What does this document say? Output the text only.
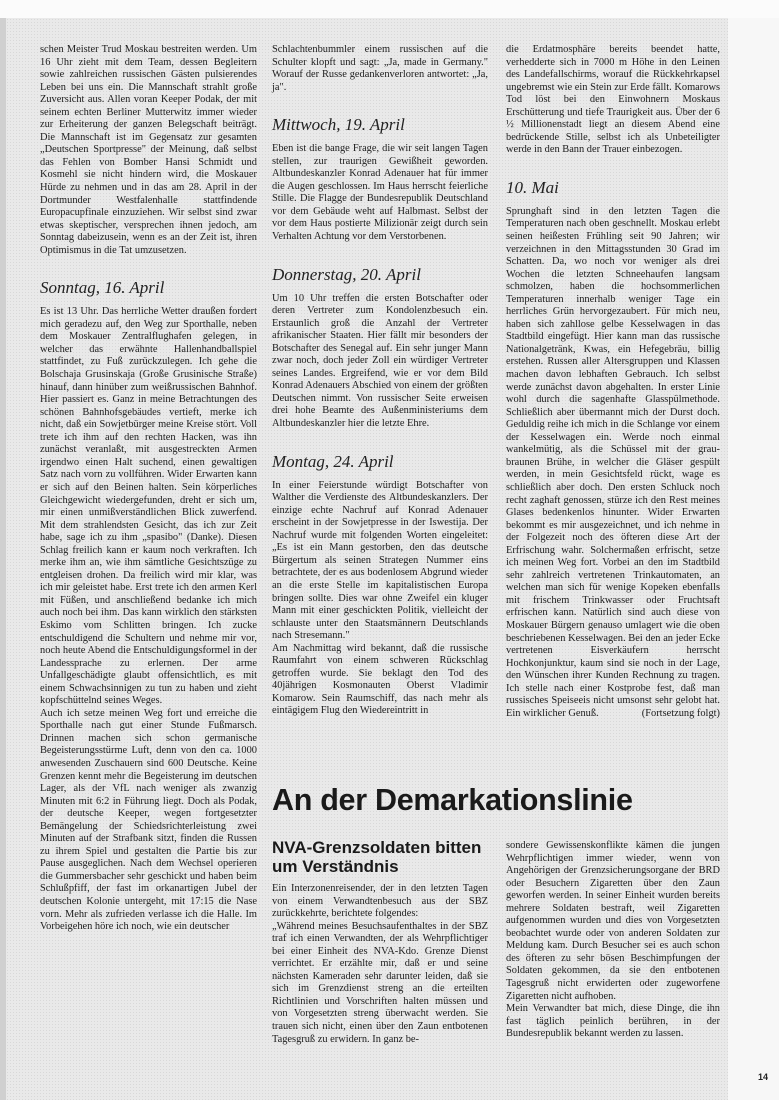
schen Meister Trud Moskau bestreiten werden. Um 16 Uhr zieht mit dem Team, dessen Begleitern sowie zahlreichen russischen Gästen pulsierendes Leben bei uns ein. Die Mannschaft strahlt große Zuversicht aus. Allen voran Keeper Podak, der mit seinem echten Berliner Mutterwitz immer wieder zur Erheiterung der ganzen Belegschaft beiträgt. Die Mannschaft ist im Gegensatz zur gesamten „Deutschen Sportpresse" der Meinung, daß selbst das Fehlen von Bomber Hansi Schmidt und Kosmehl sie nicht hindern wird, die Moskauer Hürde zu nehmen und in das am 28. April in der Dortmunder Westfalenhalle stattfindende Europacupfinale einzuziehen. Wir selbst sind zwar etwas skeptischer, versprechen ihnen jedoch, am Sonntag dabeizusein, wenn es an der Zeit ist, ihren Optimismus in die Tat umzusetzen.

Sonntag, 16. April

Es ist 13 Uhr. Das herrliche Wetter draußen fordert mich geradezu auf, den Weg zur Sporthalle, neben dem Moskauer Zentralflughafen gelegen, in welcher das erwähnte Hallenhandballspiel stattfindet, zu Fuß zurückzulegen. Ich gehe die Bolschaja Grusinskaja (Große Grusinische Straße) hinauf, dann hinüber zum weißrussischen Bahnhof. Hier passiert es. Ganz in meine Betrachtungen des schönen Bahnhofsgebäudes vertieft, merke ich nicht, daß ein Sowjetbürger meine Kreise stört. Voll trete ich ihm auf den rechten Hacken, was ihn zunächst veranlaßt, mit ausgestreckten Armen irgendwo einen Halt suchend, einen gewaltigen Satz nach vorn zu vollführen. Wider Erwarten kann er sich auf den Beinen halten. Sein körperliches Gleichgewicht wiedergefunden, dreht er sich um, mir einen unmißverständlichen Blick zuwerfend. Mit dem strahlendsten Gesicht, das ich zur Zeit habe, sage ich zu ihm „spasibo" (Danke). Diesen Schlag freilich kann er kaum noch verkraften. Ich merke ihm an, wie ihm sämtliche Gesichtszüge zu entgleisen drohen. Da freilich wird mir klar, was ich mir geleistet habe. Erst trete ich den armen Kerl mit Füßen, und anschließend bedanke ich mich auch noch bei ihm. Das kann wirklich den stärksten Eskimo vom Schlitten bringen. Ich zucke entschuldigend die Schultern und nehme mir vor, noch heute Abend die Entschuldigungsformel in der Landessprache zu erlernen. Der arme Unfallgeschädigte glaubt offensichtlich, es mit einem Schwachsinnigen zu tun zu haben und zieht kopfschüttelnd seines Weges.

Auch ich setze meinen Weg fort und erreiche die Sporthalle nach gut einer Stunde Fußmarsch. Drinnen machen sich schon germanische Begeisterungsstürme Luft, denn von den ca. 1000 anwesenden Zuschauern sind 600 Deutsche. Keine Grenzen kennt mehr die Begeisterung im deutschen Lager, als der VfL nach weniger als zwanzig Minuten mit 6:2 in Führung liegt. Doch als Podak, der deutsche Keeper, wegen fortgesetzter Bemängelung der Schiedsrichterleistung zwei Minuten auf der Strafbank sitzt, finden die Russen zu ihrem Spiel und gestalten die Partie bis zur Pause ausgeglichen. Nach dem Wechsel operieren die Gummersbacher sehr geschickt und haben beim Schlußpfiff, der fast im orkanartigen Jubel der deutschen Kolonie untergeht, mit 17:15 die Nase vorn. Mehr als zufrieden verlasse ich die Halle. Im Vorbeigehen höre ich noch, wie ein deutscher

Schlachtenbummler einem russischen auf die Schulter klopft und sagt: „Ja, made in Germany." Worauf der Russe gedankenverloren antwortet: „Ja, ja".

Mittwoch, 19. April

Eben ist die bange Frage, die wir seit langen Tagen stellen, zur traurigen Gewißheit geworden. Altbundeskanzler Konrad Adenauer hat für immer die Augen geschlossen. Im Haus herrscht feierliche Stille. Die Flagge der Bundesrepublik Deutschland vor dem Gebäude weht auf Halbmast. Selbst der vor dem Haus postierte Milizionär zeigt durch sein Verhalten Achtung vor dem Verstorbenen.

Donnerstag, 20. April

Um 10 Uhr treffen die ersten Botschafter oder deren Vertreter zum Kondolenzbesuch ein. Erstaunlich groß die Anzahl der Vertreter afrikanischer Staaten. Hier fällt mir besonders der Botschafter des Senegal auf. Ein sehr junger Mann zwar noch, doch jeder Zoll ein würdiger Vertreter seines Landes. Ergreifend, wie er vor dem Bild Konrad Adenauers Abschied von einem der größten Deutschen nimmt. Von russischer Seite erweisen drei hohe Beamte des Außenministeriums dem Altbundeskanzler hier die letzte Ehre.

Montag, 24. April

In einer Feierstunde würdigt Botschafter von Walther die Verdienste des Altbundeskanzlers. Der einzige echte Nachruf auf Konrad Adenauer erscheint in der Sowjetpresse in der Iswestija. Der Nachruf wurde mit folgenden Worten eingeleitet: „Es ist ein Mann gestorben, den das deutsche Bürgertum als seinen Strategen Nummer eins betrachtete, der es aus bodenlosem Abgrund wieder an die erste Stelle im kapitalistischen Europa bringen sollte. Dies war ohne Zweifel ein kluger Mann mit einer geschickten Politik, vielleicht der schlauste unter den Staatsmännern Deutschlands nach Stresemann."

Am Nachmittag wird bekannt, daß die russische Raumfahrt von einem schweren Rückschlag getroffen wurde. Sie beklagt den Tod des 40jährigen Kosmonauten Oberst Vladimir Komarow. Sein Raumschiff, das nach mehr als eintägigem Flug den Wiedereintritt in

die Erdatmosphäre bereits beendet hatte, verhedderte sich in 7000 m Höhe in den Leinen des Landefallschirms, worauf die Rückkehrkapsel ungebremst wie ein Stein zur Erde fällt. Komarows Tod löst bei den Einwohnern Moskaus Erschütterung und tiefe Traurigkeit aus. Über der 6 ½ Millionenstadt liegt an diesem Abend eine bedrückende Stille, selbst ich als Unbeteiligter werde in den Bann der Trauer einbezogen.

10. Mai

Sprunghaft sind in den letzten Tagen die Temperaturen nach oben geschnellt. Moskau erlebt seinen heißesten Frühling seit 90 Jahren; wir verzeichnen in den Mittagsstunden 30 Grad im Schatten. Da, wo noch vor weniger als drei Wochen die letzten Schneehaufen langsam schmolzen, haben die hochsommerlichen Temperaturen innerhalb weniger Tage ein herrliches Grün hervorgezaubert. Für mich neu, haben sich zahllose gelbe Kesselwagen in das Stadtbild eingefügt. Hier kann man das russische Nationalgetränk, Kwas, ein Hefegebräu, billig erstehen. Russen aller Altersgruppen und Klassen machen davon lebhaften Gebrauch. Ich selbst werde zunächst davon abgehalten. In erster Linie wohl durch die sagenhafte Glasspülmethode. Schließlich aber übermannt mich der Durst doch. Geduldig reihe ich mich in die Schlange vor einem der Kesselwagen ein. Werde noch einmal wankelmütig, als die Schüssel mit der grau-braunen Brühe, in welcher die Gläser gespült werden, in mein Gesichtsfeld rückt, wage es schließlich aber doch. Den ersten Schluck noch recht zaghaft genossen, stürze ich den Rest meines Glases bedenkenlos hinunter. Wider Erwarten bekommt es mir ausgezeichnet, und ich nehme in der Folgezeit noch des öfteren diese Art der Erfrischung wahr. Solchermaßen erfrischt, setze ich meinen Weg fort. Vorbei an den im Stadtbild sehr zahlreich vertretenen Trinkautomaten, an welchen man sich für wenige Kopeken ebenfalls mit frischem Trinkwasser oder Fruchtsaft erfrischen kann. Natürlich sind auch diese von Moskauer Bürgern genauso umlagert wie die oben beschriebenen Kesselwagen. Bei den an jeder Ecke vertretenen Eisverkäufern herrscht Hochkonjunktur, kaum sind sie noch in der Lage, den Wünschen ihrer Kunden Rechnung zu tragen. Ich stelle nach einer Kostprobe fest, daß man russisches Speiseeis nicht umsonst sehr gelobt hat. Ein wirklicher Genuß.	(Fortsetzung folgt)

An der Demarkationslinie
NVA-Grenzsoldaten bitten um Verständnis

Ein Interzonenreisender, der in den letzten Tagen von einem Verwandtenbesuch aus der SBZ zurückkehrte, berichtete folgendes:

„Während meines Besuchsaufenthaltes in der SBZ traf ich einen Verwandten, der als Wehrpflichtiger bei einer Einheit des NVA-Kdo. Grenze Dienst verrichtet. Er erzählte mir, daß er und seine nächsten Kameraden sehr darunter leiden, daß sie sich im Grenzdienst streng an die erteilten Richtlinien und Vorschriften halten müssen und von Vorgesetzten streng überwacht werden. Sie trauen sich nicht, einen über den Zaun entbotenen Tagesgruß zu erwidern. In ganz be-

sondere Gewissenskonflikte kämen die jungen Wehrpflichtigen immer wieder, wenn von Angehörigen der Grenzsicherungsorgane der BRD oder Besuchern Zigaretten über den Zaun geworfen werden. In seiner Einheit wurden bereits mehrere Soldaten bestraft, weil Zigaretten aufgenommen wurden und dies von Vorgesetzten beobachtet wurde oder von anderen Soldaten zur Meldung kam. Durch Besucher sei es auch schon des öfteren zu sehr bösen Beschimpfungen der Soldaten gekommen, da sie den entbotenen Tagesgruß nicht erwiderten oder zugeworfene Zigaretten nicht aufhoben.

Mein Verwandter bat mich, diese Dinge, die ihn fast täglich peinlich berühren, in der Bundesrepublik bekannt werden zu lassen.

14
